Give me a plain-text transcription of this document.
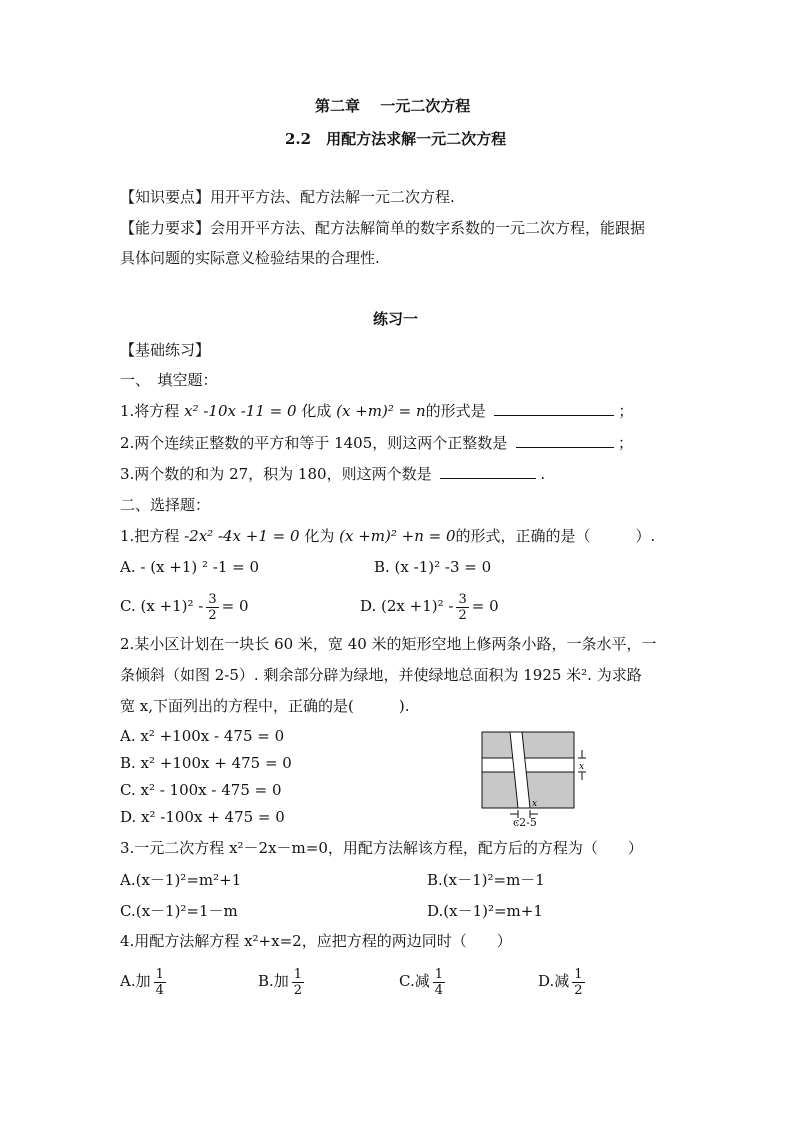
第二章　 一元二次方程
2.2　用配方法求解一元二次方程
【知识要点】用开平方法、配方法解一元二次方程.
【能力要求】会用开平方法、配方法解简单的数字系数的一元二次方程，能跟据
具体问题的实际意义检验结果的合理性.
练习一
【基础练习】
一、　填空题：
1.将方程 x² -10x -11 = 0 化成 (x +m)² = n的形式是	；
2.两个连续正整数的平方和等于 1405，则这两个正整数是	；
3.两个数的和为 27，积为 180，则这两个数是	.
二、选择题：
1.把方程 -2x² -4x +1 = 0 化为 (x +m)² +n = 0的形式，正确的是（　　　）.
A. - (x +1) ² -1 = 0	B. (x -1)² -3 = 0
C. $(x +1)^2 - \frac{3}{2} = 0$	D. $(2x +1)^2 - \frac{3}{2} = 0$
2.某小区计划在一块长 60 米，宽 40 米的矩形空地上修两条小路，一条水平，一
条倾斜（如图 2-5）. 剩余部分辟为绿地，并使绿地总面积为 1925 米². 为求路
宽 x,下面列出的方程中，正确的是(　　　).
A. x² +100x - 475 = 0
B. x² +100x + 475 = 0
C. x² - 100x - 475 = 0
D. x² -100x + 475 = 0
x
x
ͼ2-5
3.一元二次方程 x²－2x－m=0，用配方法解该方程，配方后的方程为（　　）
A.(x－1)²=m²+1	B.(x－1)²=m－1
C.(x－1)²=1－m	D.(x－1)²=m+1
4.用配方法解方程 x²+x=2，应把方程的两边同时（　　）
A.加 $\frac{1}{4}$	B.加 $\frac{1}{2}$	C.减 $\frac{1}{4}$	D.减 $\frac{1}{2}$
